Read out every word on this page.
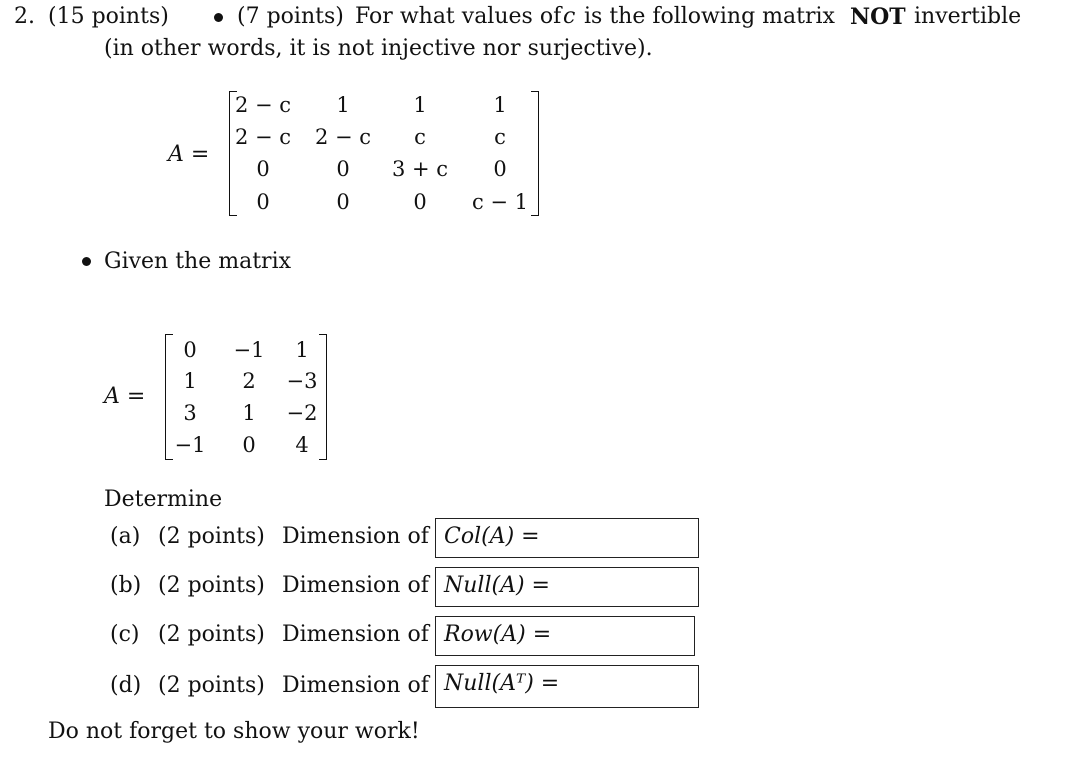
2. (15 points)	(7 points) For what values of c is the following matrix NOT invertible
(in other words, it is not injective nor surjective).
A =
2 − c	1	1	1
2 − c	2 − c	c	c
0	0	3 + c	0
0	0	0	c − 1
Given the matrix
A =
0	−1	1
1	2	−3
3	1	−2
−1	0	4
Determine
(a) (2 points) Dimension of Col(A) =
(b) (2 points) Dimension of Null(A) =
(c) (2 points) Dimension of Row(A) =
(d) (2 points) Dimension of Null(Aᵀ) =
Do not forget to show your work!
